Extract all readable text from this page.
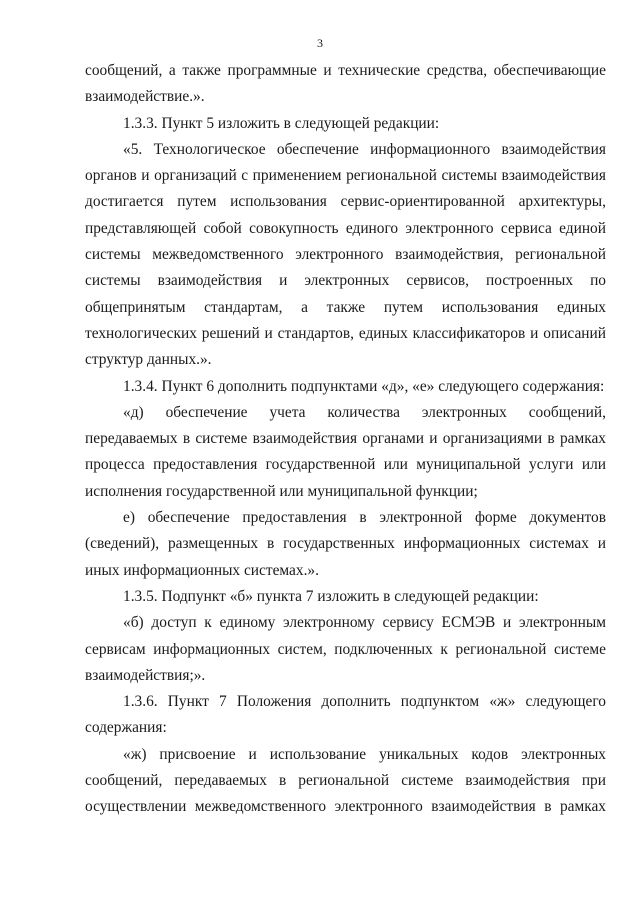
3

сообщений, а также программные и технические средства, обеспечивающие взаимодействие.».

1.3.3. Пункт 5 изложить в следующей редакции:

«5. Технологическое обеспечение информационного взаимодействия органов и организаций с применением региональной системы взаимодействия достигается путем использования сервис-ориентированной архитектуры, представляющей собой совокупность единого электронного сервиса единой системы межведомственного электронного взаимодействия, региональной системы взаимодействия и электронных сервисов, построенных по общепринятым стандартам, а также путем использования единых технологических решений и стандартов, единых классификаторов и описаний структур данных.».

1.3.4. Пункт 6 дополнить подпунктами «д», «е» следующего содержания:

«д) обеспечение учета количества электронных сообщений, передаваемых в системе взаимодействия органами и организациями в рамках процесса предоставления государственной или муниципальной услуги или исполнения государственной или муниципальной функции;

е) обеспечение предоставления в электронной форме документов (сведений), размещенных в государственных информационных системах и иных информационных системах.».

1.3.5. Подпункт «б» пункта 7 изложить в следующей редакции:

«б) доступ к единому электронному сервису ЕСМЭВ и электронным сервисам информационных систем, подключенных к региональной системе взаимодействия;».

1.3.6. Пункт 7 Положения дополнить подпунктом «ж» следующего содержания:

«ж) присвоение и использование уникальных кодов электронных сообщений, передаваемых в региональной системе взаимодействия при осуществлении межведомственного электронного взаимодействия в рамках
